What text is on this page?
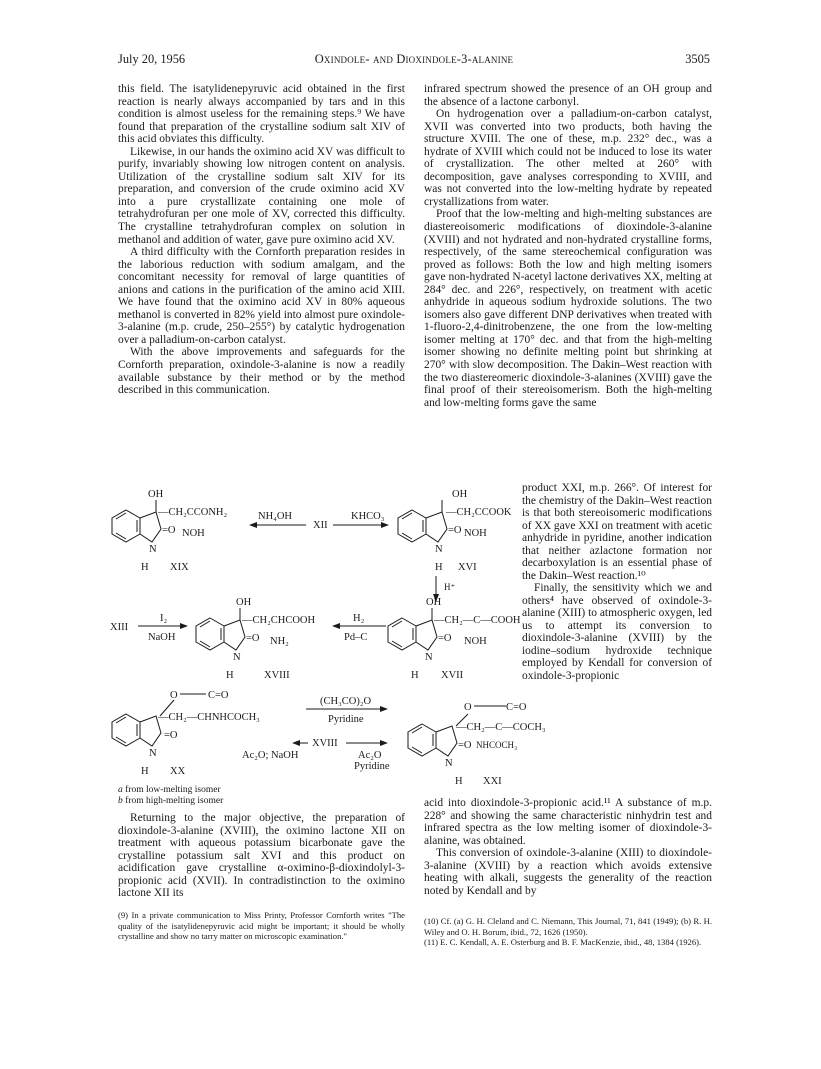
July 20, 1956	Oxindole- and Dioxindole-3-alanine	3505

this field. The isatylidenepyruvic acid obtained in the first reaction is nearly always accompanied by tars and in this condition is almost useless for the remaining steps.⁹ We have found that preparation of the crystalline sodium salt XIV of this acid obviates this difficulty.

Likewise, in our hands the oximino acid XV was difficult to purify, invariably showing low nitrogen content on analysis. Utilization of the crystalline sodium salt XIV for its preparation, and conversion of the crude oximino acid XV into a pure crystallizate containing one mole of tetrahydrofuran per one mole of XV, corrected this difficulty. The crystalline tetrahydrofuran complex on solution in methanol and addition of water, gave pure oximino acid XV.

A third difficulty with the Cornforth preparation resides in the laborious reduction with sodium amalgam, and the concomitant necessity for removal of large quantities of anions and cations in the purification of the amino acid XIII. We have found that the oximino acid XV in 80% aqueous methanol is converted in 82% yield into almost pure oxindole-3-alanine (m.p. crude, 250–255°) by catalytic hydrogenation over a palladium-on-carbon catalyst.

With the above improvements and safeguards for the Cornforth preparation, oxindole-3-alanine is now a readily available substance by their method or by the method described in this communication.

infrared spectrum showed the presence of an OH group and the absence of a lactone carbonyl.

On hydrogenation over a palladium-on-carbon catalyst, XVII was converted into two products, both having the structure XVIII. The one of these, m.p. 232° dec., was a hydrate of XVIII which could not be induced to lose its water of crystallization. The other melted at 260° with decomposition, gave analyses corresponding to XVIII, and was not converted into the low-melting hydrate by repeated crystallizations from water.

Proof that the low-melting and high-melting substances are diastereoisomeric modifications of dioxindole-3-alanine (XVIII) and not hydrated and non-hydrated crystalline forms, respectively, of the same stereochemical configuration was proved as follows: Both the low and high melting isomers gave non-hydrated N-acetyl lactone derivatives XX, melting at 284° dec. and 226°, respectively, on treatment with acetic anhydride in aqueous sodium hydroxide solutions. The two isomers also gave different DNP derivatives when treated with 1-fluoro-2,4-dinitrobenzene, the one from the low-melting isomer melting at 170° dec. and that from the high-melting isomer showing no definite melting point but shrinking at 270° with slow decomposition. The Dakin–West reaction with the two diastereomeric dioxindole-3-alanines (XVIII) gave the final proof of their stereoisomerism. Both the high-melting and low-melting forms gave the same

product XXI, m.p. 266°. Of interest for the chemistry of the Dakin–West reaction is that both stereoisomeric modifications of XX gave XXI on treatment with acetic anhydride in pyridine, another indication that neither azlactone formation nor decarboxylation is an essential phase of the Dakin–West reaction.¹⁰

Finally, the sensitivity which we and others⁴ have observed of oxindole-3-alanine (XIII) to atmospheric oxygen, led us to attempt its conversion to dioxindole-3-alanine (XVIII) by the iodine–sodium hydroxide technique employed by Kendall for conversion of oxindole-3-propionic

OH
—CH₂CCONH₂
=O NOH
N
H XIX
NH₄OH
XII
KHCO₃
OH
—CH₂CCOOK
=O NOH
N
H XVI
H⁺
XIII
I₂
NaOH
OH
—CH₂CHCOOH
=O NH₂
N
H	XVIII
H₂
Pd–C
OH
—CH₂—C—COOH
=O NOH
N
H XVII
O	C=O
—CH₂—CHNHCOCH₃
=O
N
H XX
(CH₃CO)₂O
Pyridine
XVIII
Ac₂O; NaOH	Ac₂O
Pyridine
O	C=O
—CH₂—C—COCH₃
=O NHCOCH₃
N
H XXI
a from low-melting isomer
b from high-melting isomer

Returning to the major objective, the preparation of dioxindole-3-alanine (XVIII), the oximino lactone XII on treatment with aqueous potassium bicarbonate gave the crystalline potassium salt XVI and this product on acidification gave crystalline α-oximino-β-dioxindolyl-3-propionic acid (XVII). In contradistinction to the oximino lactone XII its

acid into dioxindole-3-propionic acid.¹¹ A substance of m.p. 228° and showing the same characteristic ninhydrin test and infrared spectra as the low melting isomer of dioxindole-3-alanine, was obtained.

This conversion of oxindole-3-alanine (XIII) to dioxindole-3-alanine (XVIII) by a reaction which avoids extensive heating with alkali, suggests the generality of the reaction noted by Kendall and by

(9) In a private communication to Miss Printy, Professor Cornforth writes "The quality of the isatylidenepyruvic acid might be important; it should be wholly crystalline and show no tarry matter on microscopic examination."
(10) Cf. (a) G. H. Cleland and C. Niemann, This Journal, 71, 841 (1949); (b) R. H. Wiley and O. H. Borum, ibid., 72, 1626 (1950).
(11) E. C. Kendall, A. E. Osterburg and B. F. MacKenzie, ibid., 48, 1384 (1926).
